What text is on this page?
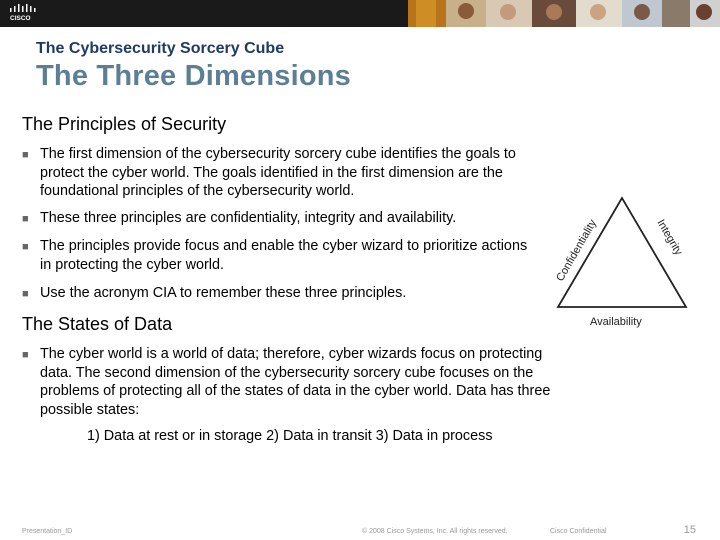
CISCO
The Cybersecurity Sorcery Cube
The Three Dimensions
The Principles of Security
■ The first dimension of the cybersecurity sorcery cube identifies the goals to protect the cyber world. The goals identified in the first dimension are the foundational principles of the cybersecurity world.
■ These three principles are confidentiality, integrity and availability.
■ The principles provide focus and enable the cyber wizard to prioritize actions in protecting the cyber world.
■ Use the acronym CIA to remember these three principles.
The States of Data
■ The cyber world is a world of data; therefore, cyber wizards focus on protecting data. The second dimension of the cybersecurity sorcery cube focuses on the problems of protecting all of the states of data in the cyber world. Data has three possible states:
1) Data at rest or in storage 2) Data in transit 3) Data in process
Confidentiality	Integrity
Availability
Presentation_ID	© 2008 Cisco Systems, Inc. All rights reserved.	Cisco Confidential	15
